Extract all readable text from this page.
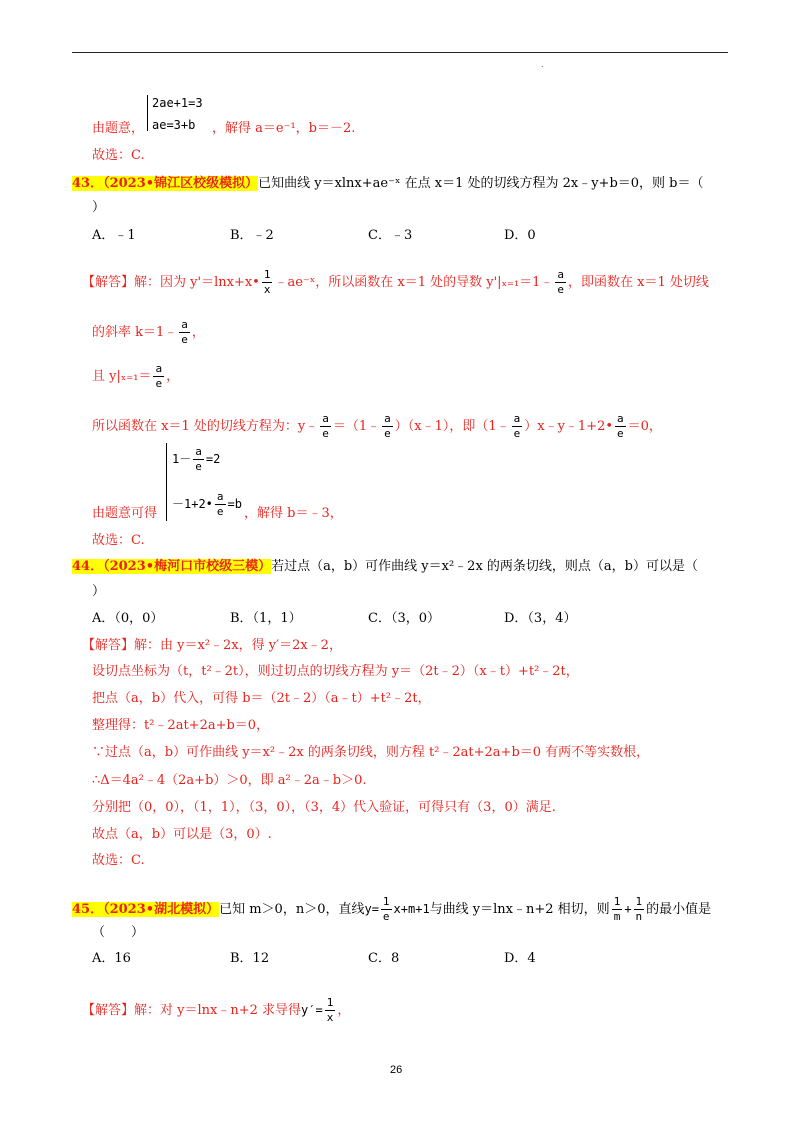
.
2ae+1=3
ae=3+b
由题意，	，解得 a＝e⁻¹，b＝－2.
故选：C.
43．（2023•锦江区校级模拟）已知曲线 y＝xlnx+ae⁻ˣ 在点 x＝1 处的切线方程为 2x﹣y+b＝0，则 b＝（
）
A．﹣1	B．﹣2	C．﹣3	D．0
【解答】解：因为 y'＝lnx+x• $\frac{1}{x}$ ﹣ae⁻ˣ，所以函数在 x＝1 处的导数 y'|ₓ₌₁＝1﹣ $\frac{a}{e}$ ，即函数在 x＝1 处切线
的斜率 k＝1﹣ $\frac{a}{e}$ ，
且 $y|_{x=1}= \frac{a}{e}$ ，
所以函数在 x＝1 处的切线方程为：y﹣ $\frac{a}{e}$ ＝（1﹣ $\frac{a}{e}$ ）（x﹣1），即（1﹣ $\frac{a}{e}$ ）x﹣y﹣1+2• $\frac{a}{e} =0$，
$1- \frac{a}{e} =2$
－1+2• $\frac{a}{e} =b$
由题意可得	，解得 b＝﹣3，
故选：C.
44．（2023•梅河口市校级三模）若过点（a，b）可作曲线 y＝x²﹣2x 的两条切线，则点（a，b）可以是（
）
A．（0，0）	B．（1，1）	C．（3，0）	D．（3，4）
【解答】解：由 y＝x²﹣2x，得 y′＝2x﹣2，
设切点坐标为（t，t²﹣2t），则过切点的切线方程为 y＝（2t﹣2）（x﹣t）+t²﹣2t，
把点（a，b）代入，可得 b＝（2t﹣2）（a﹣t）+t²﹣2t，
整理得：t²﹣2at+2a+b＝0，
∵过点（a，b）可作曲线 y＝x²﹣2x 的两条切线，则方程 t²﹣2at+2a+b＝0 有两不等实数根，
∴Δ＝4a²﹣4（2a+b）＞0，即 a²﹣2a﹣b＞0.
分别把（0，0），（1，1），（3，0），（3，4）代入验证，可得只有（3，0）满足.
故点（a，b）可以是（3，0）.
故选：C.
45．（2023•湖北模拟）已知 m＞0，n＞0，直线$y= \frac{1}{e} x+m+1$与曲线 y＝lnx﹣n+2 相切，则 $\frac{1}{m} + \frac{1}{n}$ 的最小值是
（　　）
A．16	B．12	C．8	D．4
【解答】解：对 y＝lnx﹣n+2 求导得$y'= \frac{1}{x}$ ，
26
